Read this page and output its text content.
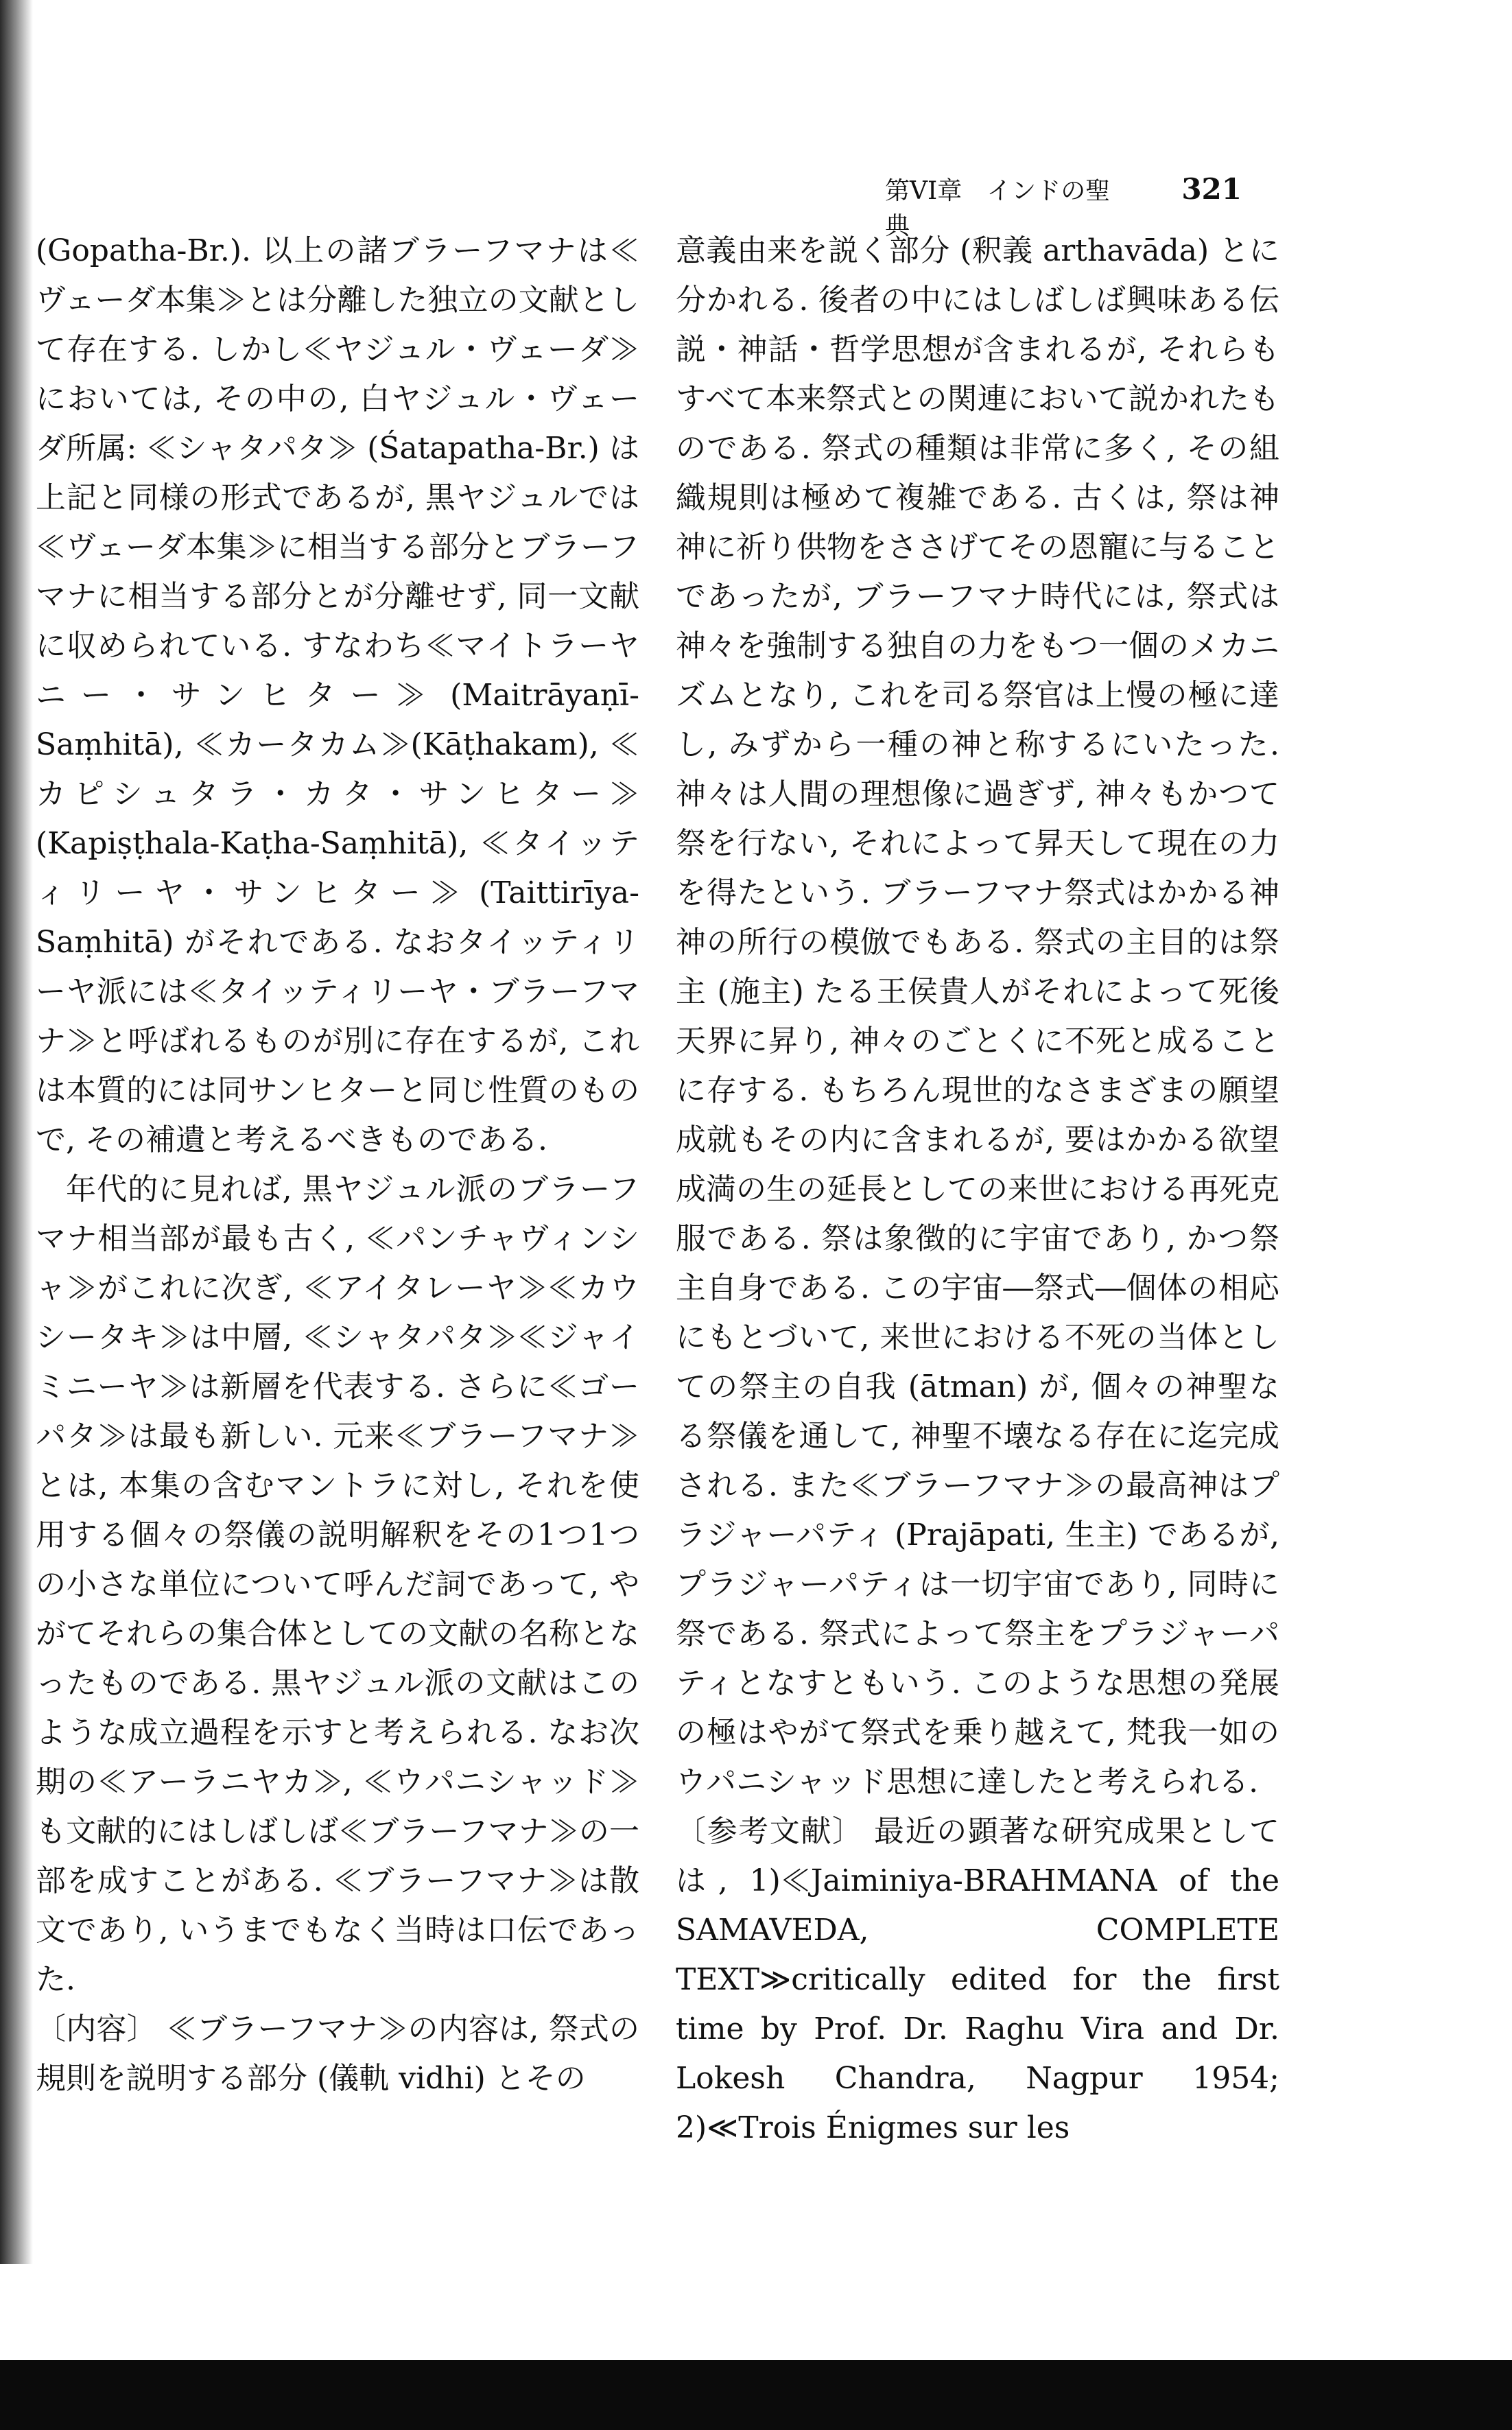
第VI章　インドの聖典
321

(Gopatha-Br.). 以上の諸ブラーフマナは≪ヴェーダ本集≫とは分離した独立の文献として存在する. しかし≪ヤジュル・ヴェーダ≫においては, その中の, 白ヤジュル・ヴェーダ所属: ≪シャタパタ≫ (Śatapatha-Br.) は上記と同様の形式であるが, 黒ヤジュルでは≪ヴェーダ本集≫に相当する部分とブラーフマナに相当する部分とが分離せず, 同一文献に収められている. すなわち≪マイトラーヤニー・サンヒター≫ (Maitrāyaṇī-Saṃhitā), ≪カータカム≫(Kāṭhakam), ≪カピシュタラ・カタ・サンヒター≫ (Kapiṣṭhala-Kaṭha-Saṃhitā), ≪タイッティリーヤ・サンヒター≫ (Taittirīya-Saṃhitā) がそれである. なおタイッティリーヤ派には≪タイッティリーヤ・ブラーフマナ≫と呼ばれるものが別に存在するが, これは本質的には同サンヒターと同じ性質のもので, その補遺と考えるべきものである.

年代的に見れば, 黒ヤジュル派のブラーフマナ相当部が最も古く, ≪パンチャヴィンシャ≫がこれに次ぎ, ≪アイタレーヤ≫≪カウシータキ≫は中層, ≪シャタパタ≫≪ジャイミニーヤ≫は新層を代表する. さらに≪ゴーパタ≫は最も新しい. 元来≪ブラーフマナ≫とは, 本集の含むマントラに対し, それを使用する個々の祭儀の説明解釈をその1つ1つの小さな単位について呼んだ詞であって, やがてそれらの集合体としての文献の名称となったものである. 黒ヤジュル派の文献はこのような成立過程を示すと考えられる. なお次期の≪アーラニヤカ≫, ≪ウパニシャッド≫も文献的にはしばしば≪ブラーフマナ≫の一部を成すことがある. ≪ブラーフマナ≫は散文であり, いうまでもなく当時は口伝であった.

〔内容〕 ≪ブラーフマナ≫の内容は, 祭式の規則を説明する部分 (儀軌 vidhi) とその

意義由来を説く部分 (釈義 arthavāda) とに分かれる. 後者の中にはしばしば興味ある伝説・神話・哲学思想が含まれるが, それらもすべて本来祭式との関連において説かれたものである. 祭式の種類は非常に多く, その組織規則は極めて複雑である. 古くは, 祭は神神に祈り供物をささげてその恩寵に与ることであったが, ブラーフマナ時代には, 祭式は神々を強制する独自の力をもつ一個のメカニズムとなり, これを司る祭官は上慢の極に達し, みずから一種の神と称するにいたった. 神々は人間の理想像に過ぎず, 神々もかつて祭を行ない, それによって昇天して現在の力を得たという. ブラーフマナ祭式はかかる神神の所行の模倣でもある. 祭式の主目的は祭主 (施主) たる王侯貴人がそれによって死後天界に昇り, 神々のごとくに不死と成ることに存する. もちろん現世的なさまざまの願望成就もその内に含まれるが, 要はかかる欲望成満の生の延長としての来世における再死克服である. 祭は象徴的に宇宙であり, かつ祭主自身である. この宇宙―祭式―個体の相応にもとづいて, 来世における不死の当体としての祭主の自我 (ātman) が, 個々の神聖なる祭儀を通して, 神聖不壊なる存在に迄完成される. また≪ブラーフマナ≫の最高神はプラジャーパティ (Prajāpati, 生主) であるが, プラジャーパティは一切宇宙であり, 同時に祭である. 祭式によって祭主をプラジャーパティとなすともいう. このような思想の発展の極はやがて祭式を乗り越えて, 梵我一如のウパニシャッド思想に達したと考えられる.

〔参考文献〕 最近の顕著な研究成果としては, 1)≪Jaiminiya-BRAHMANA of the SAMAVEDA, COMPLETE TEXT≫critically edited for the first time by Prof. Dr. Raghu Vira and Dr. Lokesh Chandra, Nagpur 1954; 2)≪Trois Énigmes sur les
